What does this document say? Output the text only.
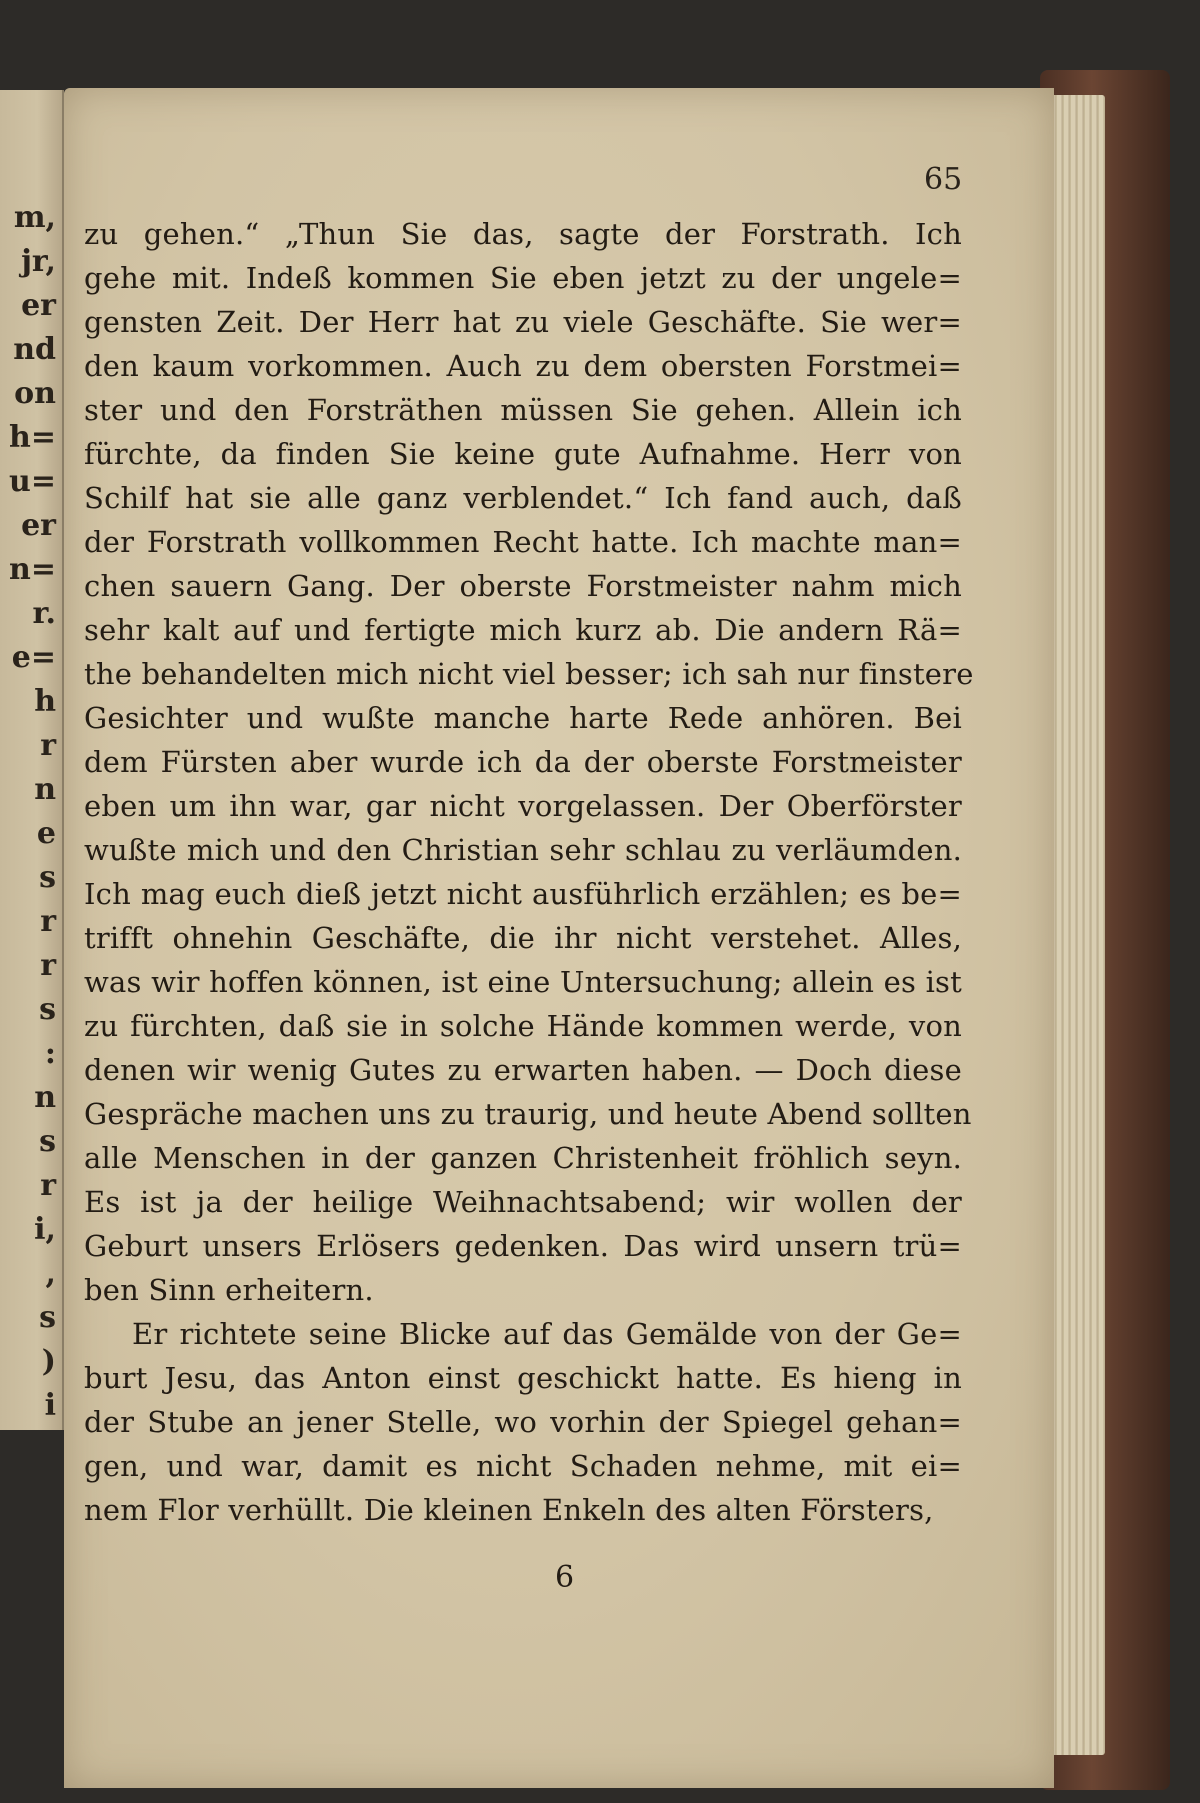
m,
jr,
er
nd
on
h=
u=
er
n=
r.
e=
h
r
n
e
s
r
r
s
:
n
s
r
i,
,
s
)
i
65
zu gehen.“ „Thun Sie das, sagte der Forstrath. Ich
gehe mit. Indeß kommen Sie eben jetzt zu der ungele=
gensten Zeit. Der Herr hat zu viele Geschäfte. Sie wer=
den kaum vorkommen. Auch zu dem obersten Forstmei=
ster und den Forsträthen müssen Sie gehen. Allein ich
fürchte, da finden Sie keine gute Aufnahme. Herr von
Schilf hat sie alle ganz verblendet.“ Ich fand auch, daß
der Forstrath vollkommen Recht hatte. Ich machte man=
chen sauern Gang. Der oberste Forstmeister nahm mich
sehr kalt auf und fertigte mich kurz ab. Die andern Rä=
the behandelten mich nicht viel besser; ich sah nur finstere
Gesichter und wußte manche harte Rede anhören. Bei
dem Fürsten aber wurde ich da der oberste Forstmeister
eben um ihn war, gar nicht vorgelassen. Der Oberförster
wußte mich und den Christian sehr schlau zu verläumden.
Ich mag euch dieß jetzt nicht ausführlich erzählen; es be=
trifft ohnehin Geschäfte, die ihr nicht verstehet. Alles,
was wir hoffen können, ist eine Untersuchung; allein es ist
zu fürchten, daß sie in solche Hände kommen werde, von
denen wir wenig Gutes zu erwarten haben. — Doch diese
Gespräche machen uns zu traurig, und heute Abend sollten
alle Menschen in der ganzen Christenheit fröhlich seyn.
Es ist ja der heilige Weihnachtsabend; wir wollen der
Geburt unsers Erlösers gedenken. Das wird unsern trü=
ben Sinn erheitern.
Er richtete seine Blicke auf das Gemälde von der Ge=
burt Jesu, das Anton einst geschickt hatte. Es hieng in
der Stube an jener Stelle, wo vorhin der Spiegel gehan=
gen, und war, damit es nicht Schaden nehme, mit ei=
nem Flor verhüllt. Die kleinen Enkeln des alten Försters,
6
